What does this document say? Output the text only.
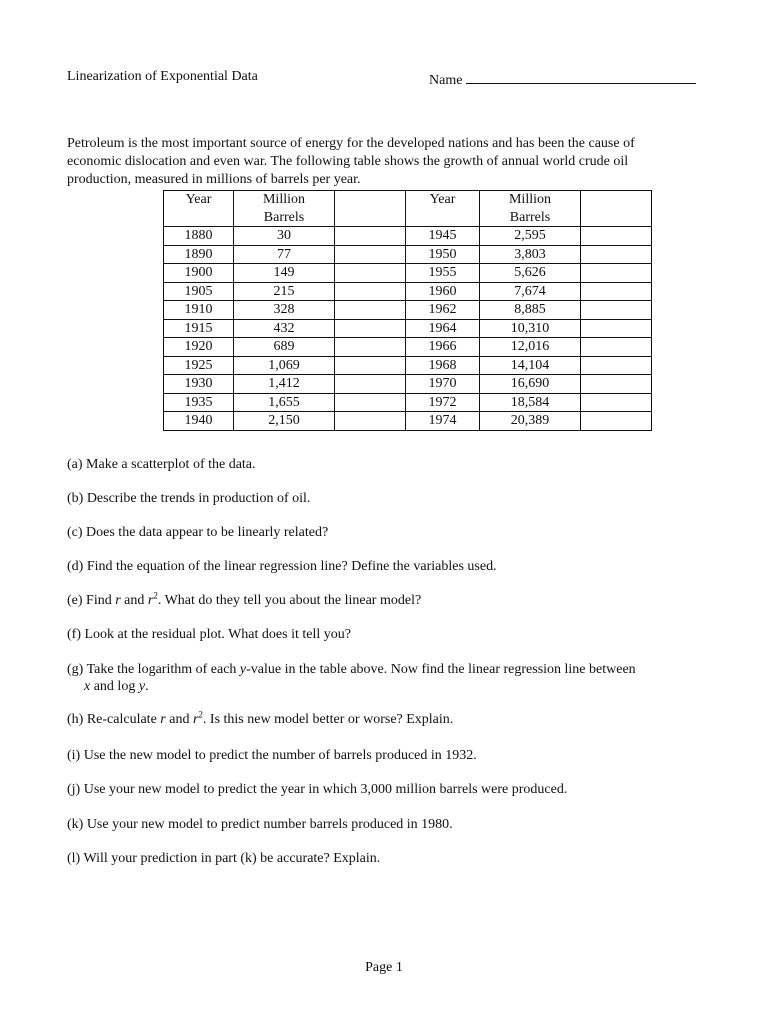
Linearization of Exponential Data	Name

Petroleum is the most important source of energy for the developed nations and has been the cause of economic dislocation and even war. The following table shows the growth of annual world crude oil production, measured in millions of barrels per year.

Year	Million Barrels		Year	Million Barrels	
1880	30		1945	2,595	
1890	77		1950	3,803	
1900	149		1955	5,626	
1905	215		1960	7,674	
1910	328		1962	8,885	
1915	432		1964	10,310	
1920	689		1966	12,016	
1925	1,069		1968	14,104	
1930	1,412		1970	16,690	
1935	1,655		1972	18,584	
1940	2,150		1974	20,389	

(a) Make a scatterplot of the data.

(b) Describe the trends in production of oil.

(c) Does the data appear to be linearly related?

(d) Find the equation of the linear regression line? Define the variables used.

(e) Find r and $r^2$. What do they tell you about the linear model?

(f) Look at the residual plot. What does it tell you?

(g) Take the logarithm of each y-value in the table above. Now find the linear regression line between
x and log y.

(h) Re-calculate r and $r^2$. Is this new model better or worse? Explain.

(i) Use the new model to predict the number of barrels produced in 1932.

(j) Use your new model to predict the year in which 3,000 million barrels were produced.

(k) Use your new model to predict number barrels produced in 1980.

(l) Will your prediction in part (k) be accurate? Explain.

Page 1
